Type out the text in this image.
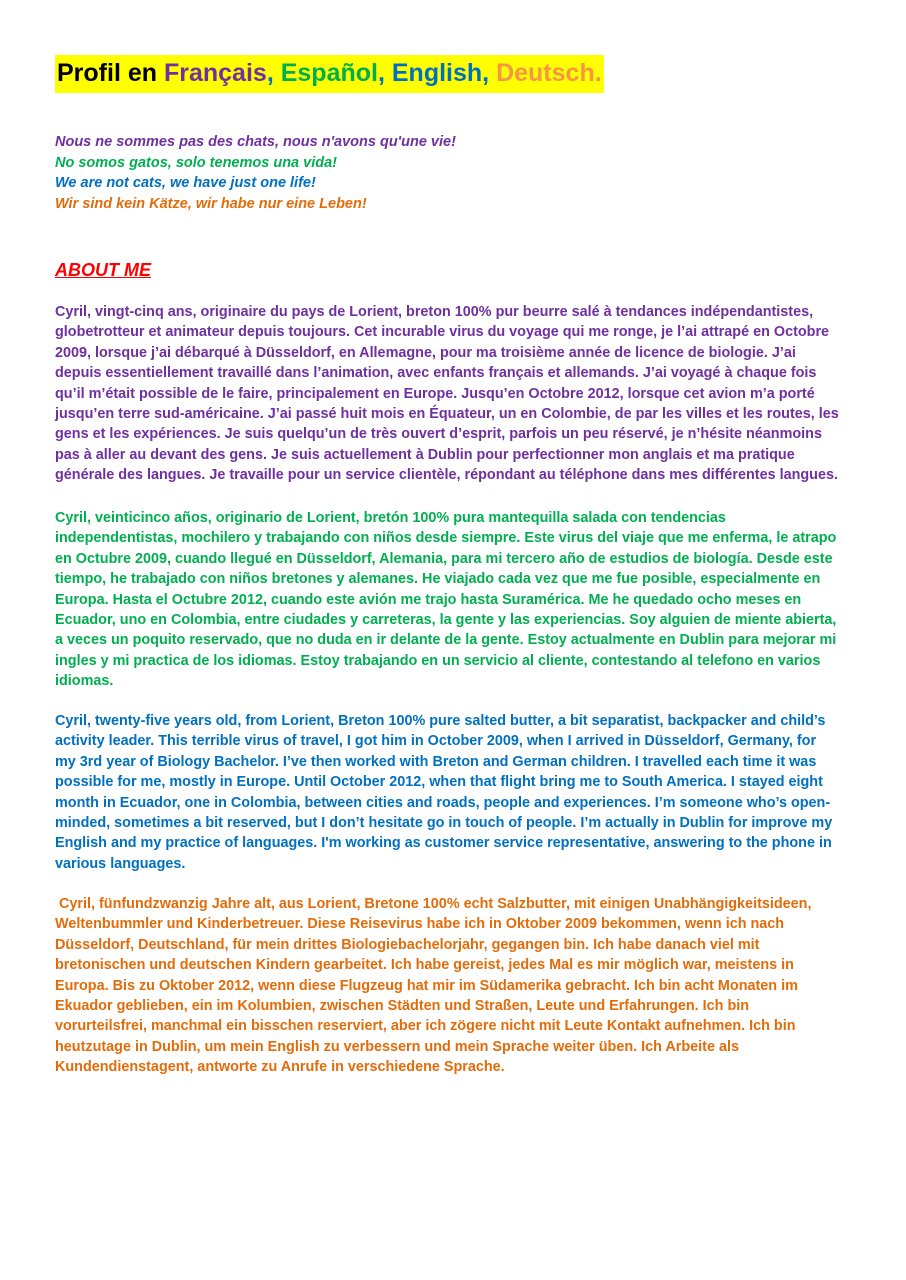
Profil en Français, Español, English, Deutsch.
Nous ne sommes pas des chats, nous n'avons qu'une vie!
No somos gatos, solo tenemos una vida!
We are not cats, we have just one life!
Wir sind kein Kätze, wir habe nur eine Leben!
ABOUT ME
Cyril, vingt-cinq ans, originaire du pays de Lorient, breton 100% pur beurre salé à tendances indépendantistes,
globetrotteur et animateur depuis toujours. Cet incurable virus du voyage qui me ronge, je l’ai attrapé en Octobre
2009, lorsque j’ai débarqué à Düsseldorf, en Allemagne, pour ma troisième année de licence de biologie. J’ai
depuis essentiellement travaillé dans l’animation, avec enfants français et allemands. J’ai voyagé à chaque fois
qu’il m’était possible de le faire, principalement en Europe. Jusqu’en Octobre 2012, lorsque cet avion m’a porté
jusqu’en terre sud-américaine. J’ai passé huit mois en Équateur, un en Colombie, de par les villes et les routes, les
gens et les expériences. Je suis quelqu’un de très ouvert d’esprit, parfois un peu réservé, je n’hésite néanmoins
pas à aller au devant des gens. Je suis actuellement à Dublin pour perfectionner mon anglais et ma pratique
générale des langues. Je travaille pour un service clientèle, répondant au téléphone dans mes différentes langues.
Cyril, veinticinco años, originario de Lorient, bretón 100% pura mantequilla salada con tendencias
independentistas, mochilero y trabajando con niños desde siempre. Este virus del viaje que me enferma, le atrapo
en Octubre 2009, cuando llegué en Düsseldorf, Alemania, para mi tercero año de estudios de biología. Desde este
tiempo, he trabajado con niños bretones y alemanes. He viajado cada vez que me fue posible, especialmente en
Europa. Hasta el Octubre 2012, cuando este avión me trajo hasta Suramérica. Me he quedado ocho meses en
Ecuador, uno en Colombia, entre ciudades y carreteras, la gente y las experiencias. Soy alguien de miente abierta,
a veces un poquito reservado, que no duda en ir delante de la gente. Estoy actualmente en Dublin para mejorar mi
ingles y mi practica de los idiomas. Estoy trabajando en un servicio al cliente, contestando al telefono en varios
idiomas.
Cyril, twenty-five years old, from Lorient, Breton 100% pure salted butter, a bit separatist, backpacker and child’s
activity leader. This terrible virus of travel, I got him in October 2009, when I arrived in Düsseldorf, Germany, for
my 3rd year of Biology Bachelor. I’ve then worked with Breton and German children. I travelled each time it was
possible for me, mostly in Europe. Until October 2012, when that flight bring me to South America. I stayed eight
month in Ecuador, one in Colombia, between cities and roads, people and experiences. I’m someone who’s open-
minded, sometimes a bit reserved, but I don’t hesitate go in touch of people. I’m actually in Dublin for improve my
English and my practice of languages. I'm working as customer service representative, answering to the phone in
various languages.
Cyril, fünfundzwanzig Jahre alt, aus Lorient, Bretone 100% echt Salzbutter, mit einigen Unabhängigkeitsideen,
Weltenbummler und Kinderbetreuer. Diese Reisevirus habe ich in Oktober 2009 bekommen, wenn ich nach
Düsseldorf, Deutschland, für mein drittes Biologiebachelorjahr, gegangen bin. Ich habe danach viel mit
bretonischen und deutschen Kindern gearbeitet. Ich habe gereist, jedes Mal es mir möglich war, meistens in
Europa. Bis zu Oktober 2012, wenn diese Flugzeug hat mir im Südamerika gebracht. Ich bin acht Monaten im
Ekuador geblieben, ein im Kolumbien, zwischen Städten und Straßen, Leute und Erfahrungen. Ich bin
vorurteilsfrei, manchmal ein bisschen reserviert, aber ich zögere nicht mit Leute Kontakt aufnehmen. Ich bin
heutzutage in Dublin, um mein English zu verbessern und mein Sprache weiter üben. Ich Arbeite als
Kundendienstagent, antworte zu Anrufe in verschiedene Sprache.
